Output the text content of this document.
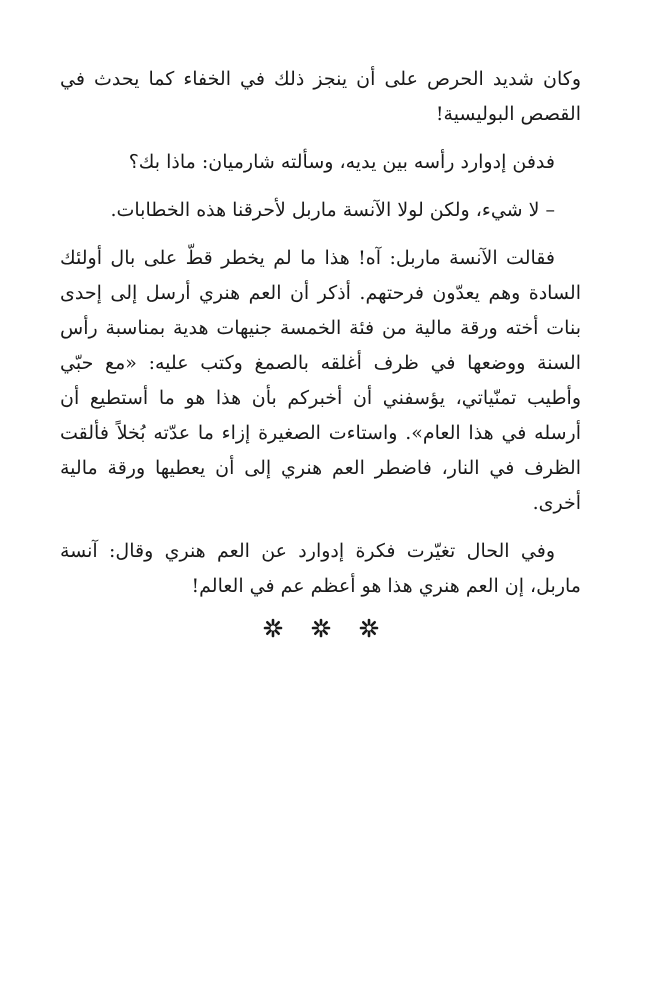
وكان شديد الحرص على أن ينجز ذلك في الخفاء كما يحدث في القصص البوليسية!

فدفن إدوارد رأسه بين يديه، وسألته شارميان: ماذا بك؟

– لا شيء، ولكن لولا الآنسة ماربل لأحرقنا هذه الخطابات.

فقالت الآنسة ماربل: آه! هذا ما لم يخطر قطّ على بال أولئك السادة وهم يعدّون فرحتهم. أذكر أن العم هنري أرسل إلى إحدى بنات أخته ورقة مالية من فئة الخمسة جنيهات هدية بمناسبة رأس السنة ووضعها في ظرف أغلقه بالصمغ وكتب عليه: «مع حبّي وأطيب تمنّياتي، يؤسفني أن أخبركم بأن هذا هو ما أستطيع أن أرسله في هذا العام». واستاءت الصغيرة إزاء ما عدّته بُخلاً فألقت الظرف في النار، فاضطر العم هنري إلى أن يعطيها ورقة مالية أخرى.

وفي الحال تغيّرت فكرة إدوارد عن العم هنري وقال: آنسة ماربل، إن العم هنري هذا هو أعظم عم في العالم!
